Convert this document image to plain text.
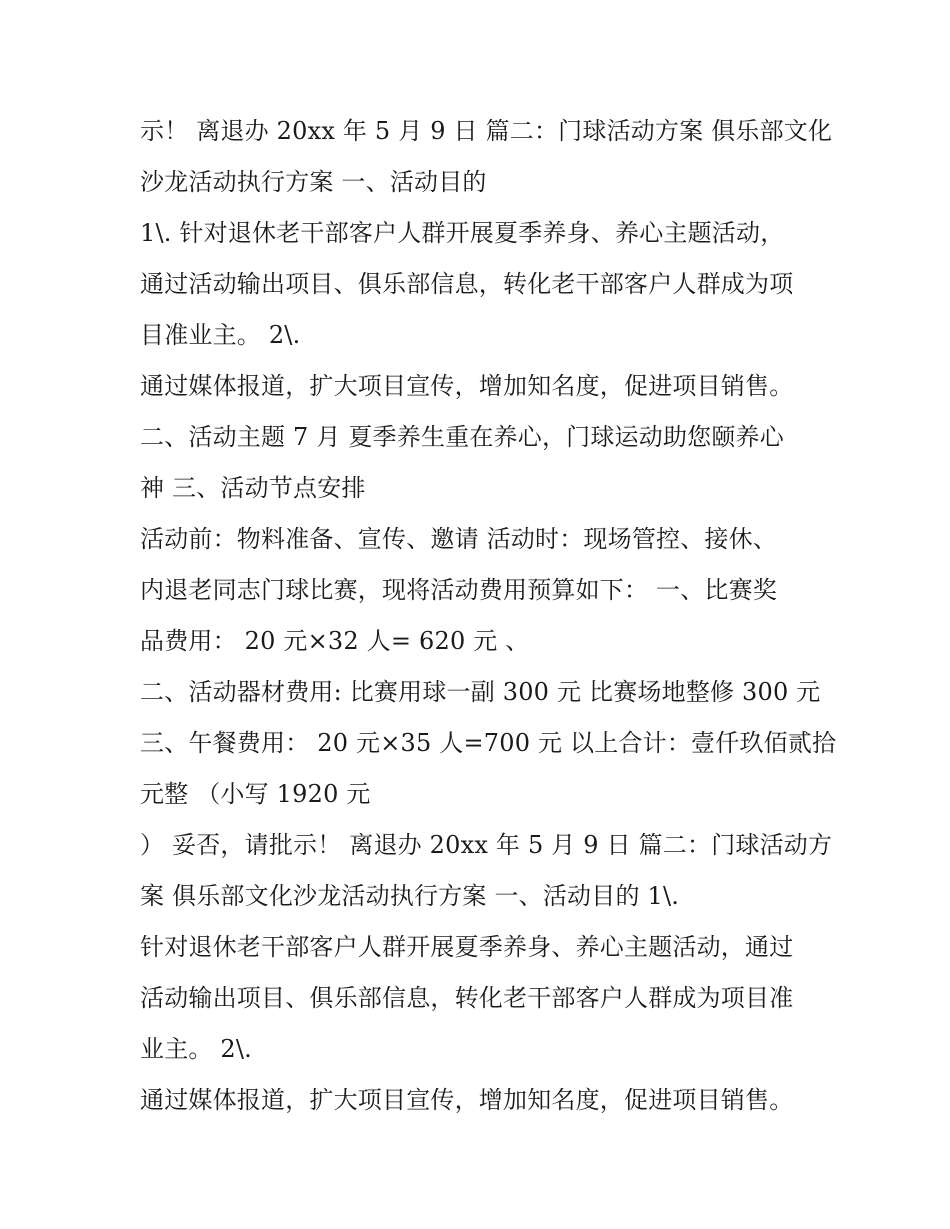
示！ 离退办 20xx 年 5 月 9 日 篇二：门球活动方案 俱乐部文化
沙龙活动执行方案 一、活动目的
1\. 针对退休老干部客户人群开展夏季养身、养心主题活动，
通过活动输出项目、俱乐部信息，转化老干部客户人群成为项
目准业主。 2\.
通过媒体报道，扩大项目宣传，增加知名度，促进项目销售。
二、活动主题 7 月 夏季养生重在养心，门球运动助您颐养心
神 三、活动节点安排
活动前：物料准备、宣传、邀请 活动时：现场管控、接休、
内退老同志门球比赛，现将活动费用预算如下： 一、比赛奖
品费用： 20 元×32 人= 620 元 、
二、活动器材费用: 比赛用球一副 300 元 比赛场地整修 300 元
三、午餐费用： 20 元×35 人=700 元 以上合计：壹仟玖佰贰拾
元整 （小写 1920 元
） 妥否，请批示！ 离退办 20xx 年 5 月 9 日 篇二：门球活动方
案 俱乐部文化沙龙活动执行方案 一、活动目的 1\.
针对退休老干部客户人群开展夏季养身、养心主题活动，通过
活动输出项目、俱乐部信息，转化老干部客户人群成为项目准
业主。 2\.
通过媒体报道，扩大项目宣传，增加知名度，促进项目销售。
